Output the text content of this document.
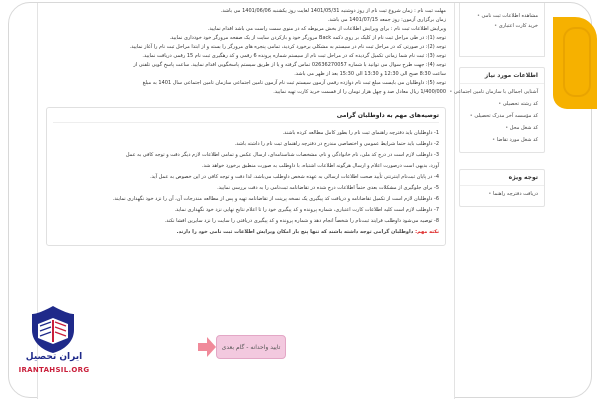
مهلت ثبت نام : زمان شروع ثبت نام از روز دوشنبه 1401/05/31 لغایت روز یکشنبه 1401/06/06 می باشد.
زمان برگزاری آزمون: روز جمعه 1401/07/15 می باشد.
ویرایش اطلاعات ثبت نام : برای ویرایش اطلاعات از بخش مربوطه که در منوی سمت راست می باشد اقدام نمایید.
توجه (1): در طی مراحل ثبت نام از کلیک بر روی دکمه Back مرورگر خود و بازکردن سایت از یک صفحه مرورگر خود خودداری نمایید.
توجه (2): در صورتی که در مراحل ثبت نام در سیستم به مشکلی برخورد کردید، تمامی پنجره های مرورگر را بسته و از ابتدا مراحل ثبت نام را آغاز نمایید.
توجه (3): ثبت نام شما زمانی تکمیل گردیده که در مراحل ثبت نام از سیستم شماره پرونده 6 رقمی و کد رهگیری ثبت نام 15 رقمی دریافت نمایید.
توجه (4): جهت طرح سوال می توانید با شماره 02636270057 تماس گرفته و یا از طریق سیستم پاسخگویی اقدام نمایید. ساعت پاسخ گویی تلفنی از
ساعت 8:30 صبح الی 12:30 و 13:30 الی 15:30 بعد از ظهر می باشد.
توجه (5): داوطلبان می بایست مبلغ ثبت نام دوازده رقمی آزمون سیستم ثبت نام آزمون تامین اجتماعی سازمان تامین اجتماعی سال 1401 به مبلغ
1/400/000 ریال معادل صد و چهل هزار تومان را از قسمت خرید کارت تهیه نمایید.
توصیه‌های مهم به داوطلبان گرامی
1- داوطلبان باید دفترچه راهنمای ثبت نام را بطور کامل مطالعه کرده باشند.
2- داوطلب باید حتما شرایط عمومی و اختصاصی مندرج در دفترچه راهنمای ثبت نام را داشته باشد.
3- داوطلب لازم است در درج کد ملی، نام خانوادگی و نام، مشخصات شناسنامه‌ای، ارسال عکس و تمامی اطلاعات لازم دیگر دقت و توجه کافی به عمل
آورد، بدیهی است درصورت اعلام و ارسال هرگونه اطلاعات اشتباه، با داوطلب به صورت منطبق برخورد خواهد شد.
4- در پایان ثبت‌نام اینترنتی تأیید صحت اطلاعات ارسالی به عهده شخص داوطلب می‌باشد، لذا دقت و توجه کافی در این خصوص به عمل آید.
5- برای جلوگیری از مشکلات بعدی حتماً اطلاعات درج شده در تقاضانامه ثبت‌نامی را به دقت بررسی نمایید.
6- داوطلبان لازم است از تکمیل تقاضانامه و دریافت کد پیگیری یک نسخه پرینت از تقاضانامه تهیه و پس از مطالعه مندرجات آن، آن را نزد خود نگهداری نمایند.
7- داوطلب لازم است کلیه اطلاعات کارت اعتباری، شماره پرونده و کد پیگیری خود را تا اعلام نتایج نهایی نزد خود نگهداری نماید.
8- توصیه می‌شود داوطلب فرایند ثبت‌نام را شخصاً انجام دهد و شماره پرونده و کد پیگیری دریافتی را سایت را نزد سایرین افشا نکند.
نکته مهم: داوطلبان گرامی توجه داشته باشند که تنها پنج بار امکان ویرایش اطلاعات ثبت نامی خود را دارند.
تایید واحدانه - گام بعدی
مشاهده اطلاعات ثبت نامی •
خرید کارت اعتباری •
اطلاعات مورد نیاز
آشنایی اجمالی با سازمان تامین اجتماعی •
کد رشته تحصیلی •
کد مؤسسه آخر مدرک تحصیلی •
کد شغل محل •
کد شغل مورد تقاضا •
توجه ویژه
دریافت دفترچه راهنما •
ایران تحصیل
IRANTAHSIL.ORG
